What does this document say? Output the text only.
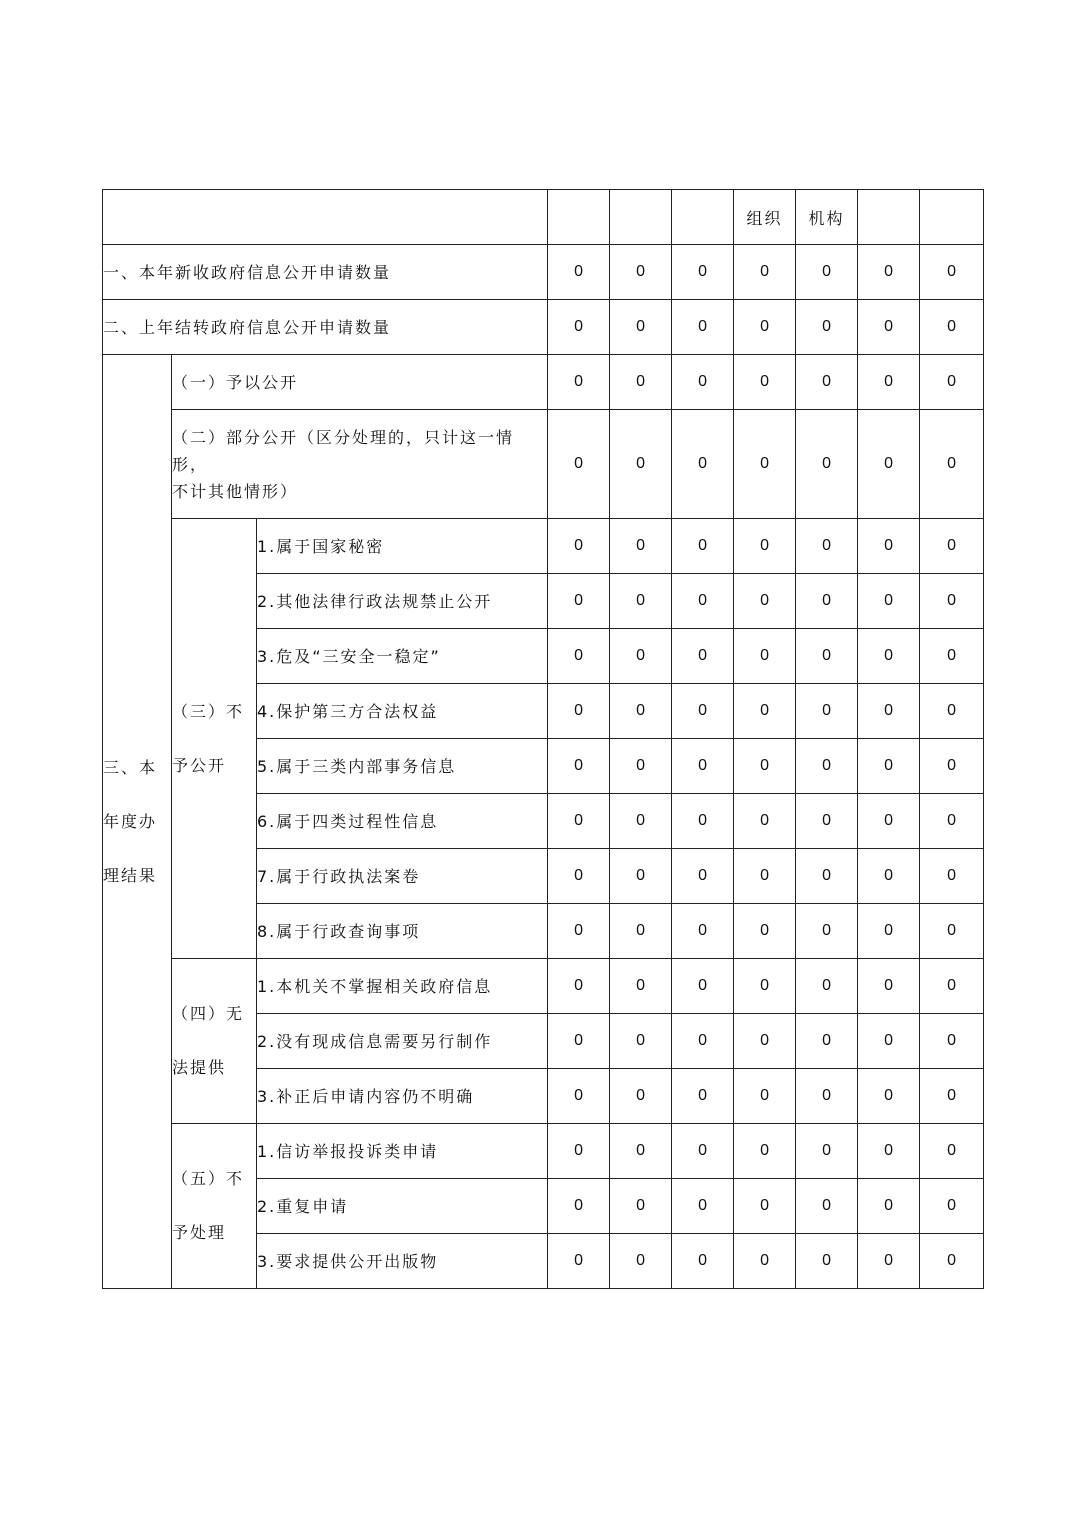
						组织	机构		
一、本年新收政府信息公开申请数量			0	0	0	0	0	0	0
二、上年结转政府信息公开申请数量			0	0	0	0	0	0	0

三、本
年度办
理结果	（一）予以公开		0	0	0	0	0	0	0

	（二）部分公开（区分处理的，只计这一情形，
不计其他情形）		0	0	0	0	0	0	0

	（三）不
予公开	1.属于国家秘密	0	0	0	0	0	0	0
		2.其他法律行政法规禁止公开	0	0	0	0	0	0	0
		3.危及“三安全一稳定”	0	0	0	0	0	0	0
		4.保护第三方合法权益	0	0	0	0	0	0	0
		5.属于三类内部事务信息	0	0	0	0	0	0	0
		6.属于四类过程性信息	0	0	0	0	0	0	0
		7.属于行政执法案卷	0	0	0	0	0	0	0
		8.属于行政查询事项	0	0	0	0	0	0	0

	（四）无
法提供	1.本机关不掌握相关政府信息	0	0	0	0	0	0	0
		2.没有现成信息需要另行制作	0	0	0	0	0	0	0
		3.补正后申请内容仍不明确	0	0	0	0	0	0	0

	（五）不
予处理	1.信访举报投诉类申请	0	0	0	0	0	0	0
		2.重复申请	0	0	0	0	0	0	0
		3.要求提供公开出版物	0	0	0	0	0	0	0
